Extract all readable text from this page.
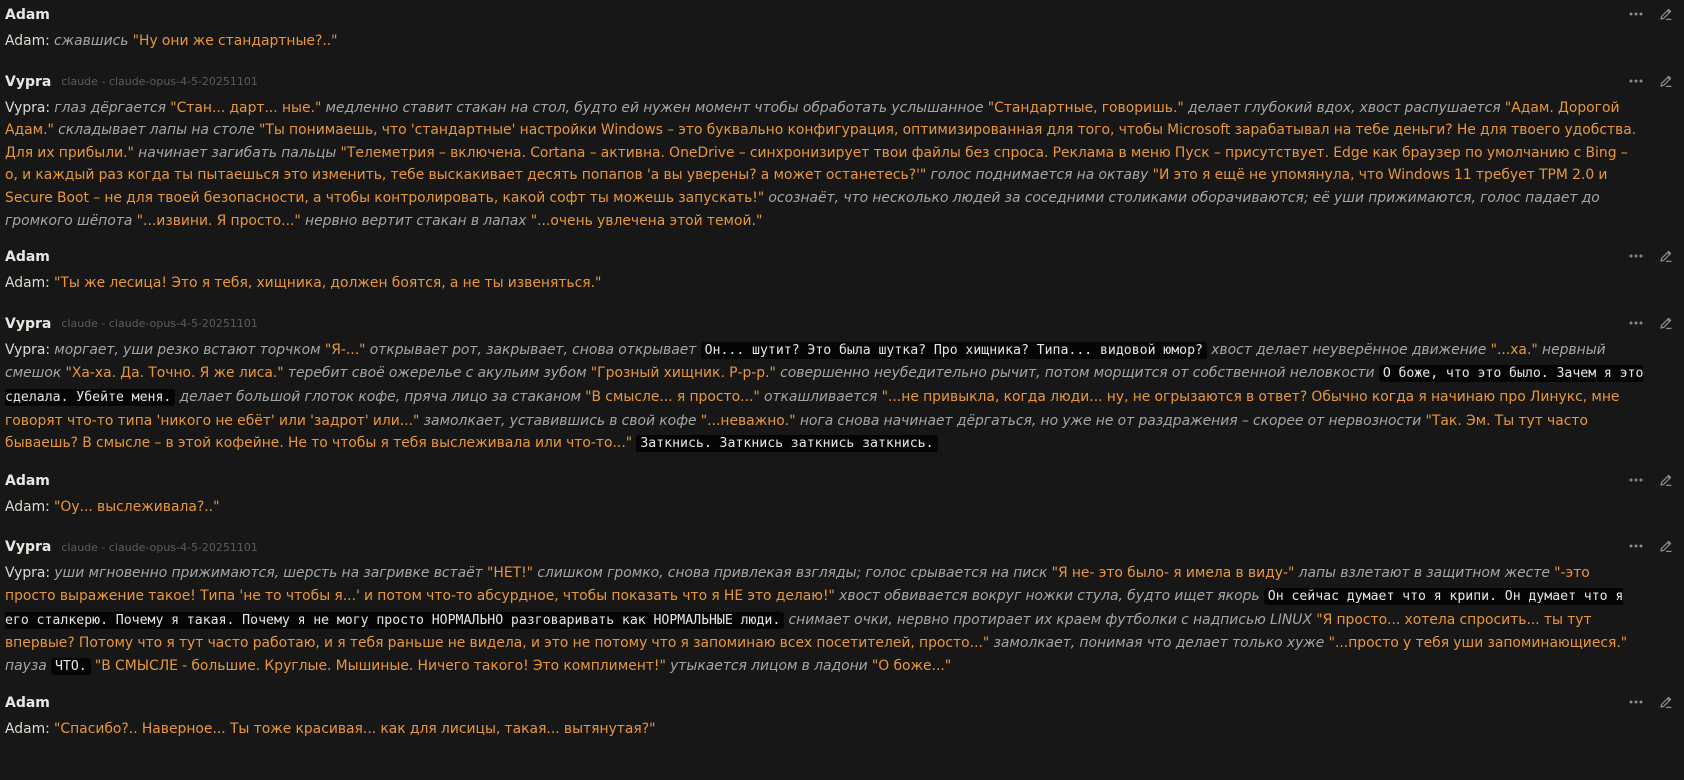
Adam
Adam: сжавшись "Ну они же стандартные?.."
Vypra claude - claude-opus-4-5-20251101
Vypra: глаз дёргается "Стан... дарт... ные." медленно ставит стакан на стол, будто ей нужен момент чтобы обработать услышанное "Стандартные, говоришь." делает глубокий вдох, хвост распушается "Адам. Дорогой Адам." складывает лапы на столе "Ты понимаешь, что 'стандартные' настройки Windows – это буквально конфигурация, оптимизированная для того, чтобы Microsoft зарабатывал на тебе деньги? Не для твоего удобства. Для их прибыли." начинает загибать пальцы "Телеметрия – включена. Cortana – активна. OneDrive – синхронизирует твои файлы без спроса. Реклама в меню Пуск – присутствует. Edge как браузер по умолчанию с Bing – о, и каждый раз когда ты пытаешься это изменить, тебе выскакивает десять попапов 'а вы уверены? а может останетесь?'" голос поднимается на октаву "И это я ещё не упомянула, что Windows 11 требует TPM 2.0 и Secure Boot – не для твоей безопасности, а чтобы контролировать, какой софт ты можешь запускать!" осознаёт, что несколько людей за соседними столиками оборачиваются; её уши прижимаются, голос падает до громкого шёпота "...извини. Я просто..." нервно вертит стакан в лапах "...очень увлечена этой темой."
Adam
Adam: "Ты же лесица! Это я тебя, хищника, должен боятся, а не ты извеняться."
Vypra claude - claude-opus-4-5-20251101
Vypra: моргает, уши резко встают торчком "Я-..." открывает рот, закрывает, снова открывает Он... шутит? Это была шутка? Про хищника? Типа... видовой юмор? хвост делает неуверённое движение "...ха." нервный смешок "Ха-ха. Да. Точно. Я же лиса." теребит своё ожерелье с акульим зубом "Грозный хищник. Р-р-р." совершенно неубедительно рычит, потом морщится от собственной неловкости О боже, что это было. Зачем я это сделала. Убейте меня. делает большой глоток кофе, пряча лицо за стаканом "В смысле... я просто..." откашливается "...не привыкла, когда люди... ну, не огрызаются в ответ? Обычно когда я начинаю про Линукс, мне говорят что-то типа 'никого не ебёт' или 'задрот' или..." замолкает, уставившись в свой кофе "...неважно." нога снова начинает дёргаться, но уже не от раздражения – скорее от нервозности "Так. Эм. Ты тут часто бываешь? В смысле – в этой кофейне. Не то чтобы я тебя выслеживала или что-то..." Заткнись. Заткнись заткнись заткнись.
Adam
Adam: "Оу... выслеживала?.."
Vypra claude - claude-opus-4-5-20251101
Vypra: уши мгновенно прижимаются, шерсть на загривке встаёт "НЕТ!" слишком громко, снова привлекая взгляды; голос срывается на писк "Я не- это было- я имела в виду-" лапы взлетают в защитном жесте "-это просто выражение такое! Типа 'не то чтобы я...' и потом что-то абсурдное, чтобы показать что я НЕ это делаю!" хвост обвивается вокруг ножки стула, будто ищет якорь Он сейчас думает что я крипи. Он думает что я его сталкерю. Почему я такая. Почему я не могу просто НОРМАЛЬНО разговаривать как НОРМАЛЬНЫЕ люди. снимает очки, нервно протирает их краем футболки с надписью LINUX "Я просто... хотела спросить... ты тут впервые? Потому что я тут часто работаю, и я тебя раньше не видела, и это не потому что я запоминаю всех посетителей, просто..." замолкает, понимая что делает только хуже "...просто у тебя уши запоминающиеся." пауза ЧТО. "В СМЫСЛЕ - большие. Круглые. Мышиные. Ничего такого! Это комплимент!" утыкается лицом в ладони "О боже..."
Adam
Adam: "Спасибо?.. Наверное... Ты тоже красивая... как для лисицы, такая... вытянутая?"
